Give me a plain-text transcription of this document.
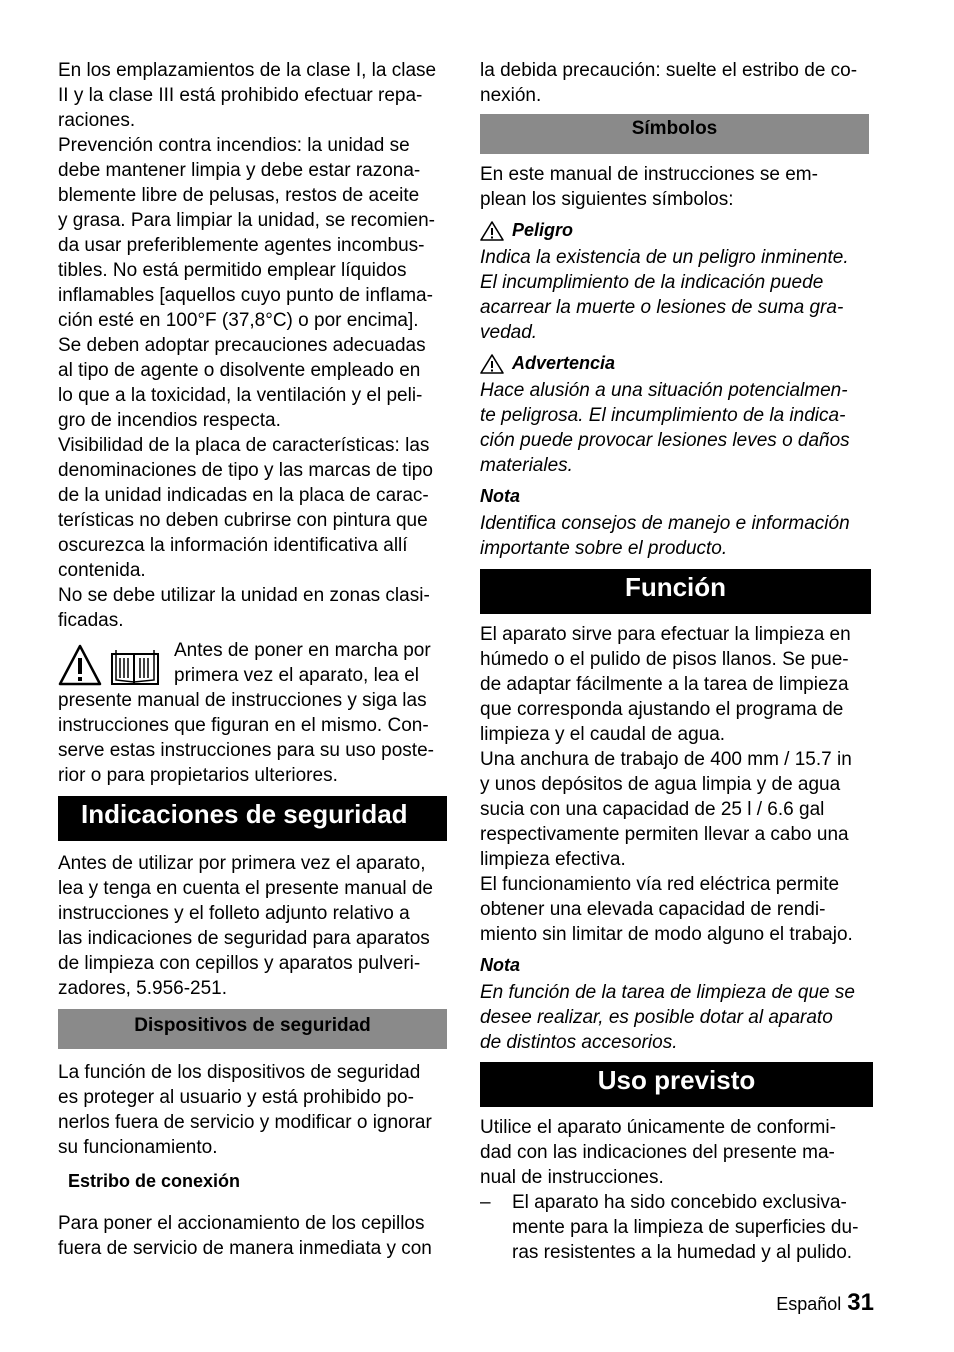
En los emplazamientos de la clase I, la clase

II y la clase III está prohibido efectuar repa-

raciones.

Prevención contra incendios: la unidad se

debe mantener limpia y debe estar razona-

blemente libre de pelusas, restos de aceite

y grasa. Para limpiar la unidad, se recomien-

da usar preferiblemente agentes incombus-

tibles. No está permitido emplear líquidos

inflamables [aquellos cuyo punto de inflama-

ción esté en 100°F (37,8°C) o por encima].

Se deben adoptar precauciones adecuadas

al tipo de agente o disolvente empleado en

lo que a la toxicidad, la ventilación y el peli-

gro de incendios respecta.

Visibilidad de la placa de características: las

denominaciones de tipo y las marcas de tipo

de la unidad indicadas en la placa de carac-

terísticas no deben cubrirse con pintura que

oscurezca la información identificativa allí

contenida.

No se debe utilizar la unidad en zonas clasi-

ficadas.

Antes de poner en marcha por

primera vez el aparato, lea el

presente manual de instrucciones y siga las

instrucciones que figuran en el mismo. Con-

serve estas instrucciones para su uso poste-

rior o para propietarios ulteriores.

Indicaciones de seguridad

Antes de utilizar por primera vez el aparato,

lea y tenga en cuenta el presente manual de

instrucciones y el folleto adjunto relativo a

las indicaciones de seguridad para aparatos

de limpieza con cepillos y aparatos pulveri-

zadores, 5.956-251.

Dispositivos de seguridad

La función de los dispositivos de seguridad

es proteger al usuario y está prohibido po-

nerlos fuera de servicio y modificar o ignorar

su funcionamiento.

Estribo de conexión

Para poner el accionamiento de los cepillos

fuera de servicio de manera inmediata y con

la debida precaución: suelte el estribo de co-

nexión.

Símbolos

En este manual de instrucciones se em-

plean los siguientes símbolos:

Peligro

Indica la existencia de un peligro inminente.

El incumplimiento de la indicación puede

acarrear la muerte o lesiones de suma gra-

vedad.

Advertencia

Hace alusión a una situación potencialmen-

te peligrosa. El incumplimiento de la indica-

ción puede provocar lesiones leves o daños

materiales.

Nota

Identifica consejos de manejo e información

importante sobre el producto.

Función

El aparato sirve para efectuar la limpieza en

húmedo o el pulido de pisos llanos. Se pue-

de adaptar fácilmente a la tarea de limpieza

que corresponda ajustando el programa de

limpieza y el caudal de agua.

Una anchura de trabajo de 400 mm / 15.7 in

y unos depósitos de agua limpia y de agua

sucia con una capacidad de 25 l / 6.6 gal

respectivamente permiten llevar a cabo una

limpieza efectiva.

El funcionamiento vía red eléctrica permite

obtener una elevada capacidad de rendi-

miento sin limitar de modo alguno el trabajo.

Nota

En función de la tarea de limpieza de que se

desee realizar, es posible dotar al aparato

de distintos accesorios.

Uso previsto

Utilice el aparato únicamente de conformi-

dad con las indicaciones del presente ma-

nual de instrucciones.

–	El aparato ha sido concebido exclusiva-

mente para la limpieza de superficies du-

ras resistentes a la humedad y al pulido.

Español 31
